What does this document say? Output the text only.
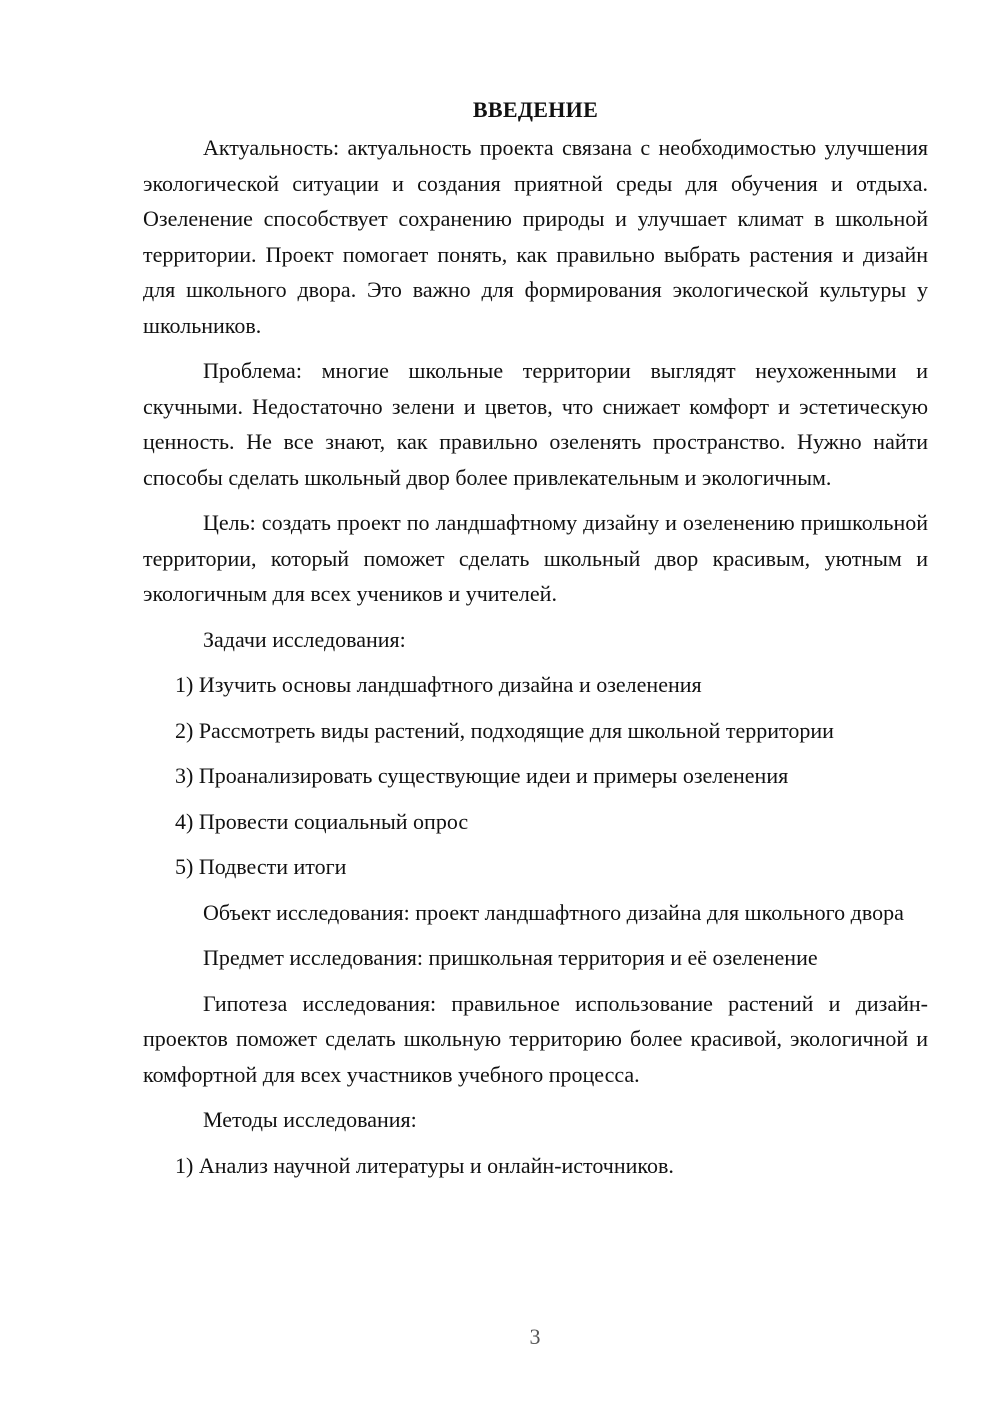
ВВЕДЕНИЕ

Актуальность: актуальность проекта связана с необходимостью улучшения экологической ситуации и создания приятной среды для обучения и отдыха. Озеленение способствует сохранению природы и улучшает климат в школьной территории. Проект помогает понять, как правильно выбрать растения и дизайн для школьного двора. Это важно для формирования экологической культуры у школьников.

Проблема: многие школьные территории выглядят неухоженными и скучными. Недостаточно зелени и цветов, что снижает комфорт и эстетическую ценность. Не все знают, как правильно озеленять пространство. Нужно найти способы сделать школьный двор более привлекательным и экологичным.

Цель: создать проект по ландшафтному дизайну и озеленению пришкольной территории, который поможет сделать школьный двор красивым, уютным и экологичным для всех учеников и учителей.

Задачи исследования:

1) Изучить основы ландшафтного дизайна и озеленения

2) Рассмотреть виды растений, подходящие для школьной территории

3) Проанализировать существующие идеи и примеры озеленения

4) Провести социальный опрос

5) Подвести итоги

Объект исследования: проект ландшафтного дизайна для школьного двора

Предмет исследования: пришкольная территория и её озеленение

Гипотеза исследования: правильное использование растений и дизайн-проектов поможет сделать школьную территорию более красивой, экологичной и комфортной для всех участников учебного процесса.

Методы исследования:

1) Анализ научной литературы и онлайн-источников.

3
